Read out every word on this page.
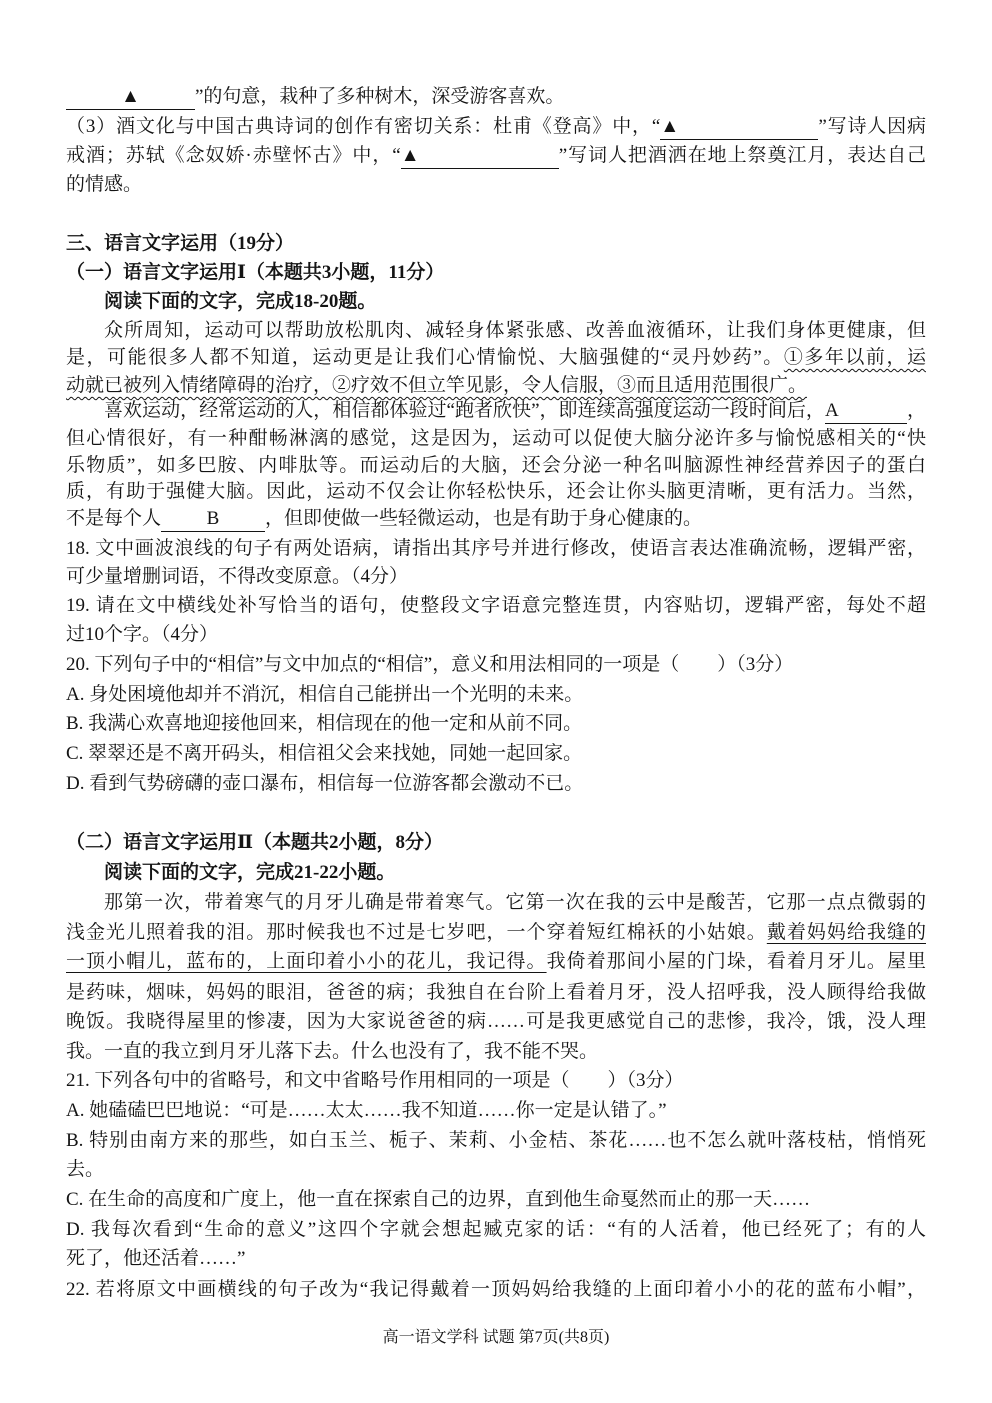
▲	”的句意，栽种了多种树木，深受游客喜欢。
（3）酒文化与中国古典诗词的创作有密切关系：杜甫《登高》中，“▲	”写诗人因病
戒酒；苏轼《念奴娇·赤壁怀古》中，“▲	”写词人把酒洒在地上祭奠江月，表达自己
的情感。
三、语言文字运用（19分）
（一）语言文字运用Ⅰ（本题共3小题，11分）
阅读下面的文字，完成18-20题。
众所周知，运动可以帮助放松肌肉、减轻身体紧张感、改善血液循环，让我们身体更健康，但
是，可能很多人都不知道，运动更是让我们心情愉悦、大脑强健的“灵丹妙药”。①多年以前，运
动就已被列入情绪障碍的治疗，②疗效不但立竿见影，令人信服，③而且适用范围很广。
喜欢运动，经常运动的人，相信都体验过“跑者欣快”，即连续高强度运动一段时间后，A	，
但心情很好，有一种酣畅淋漓的感觉，这是因为，运动可以促使大脑分泌许多与愉悦感相关的“快
乐物质”，如多巴胺、内啡肽等。而运动后的大脑，还会分泌一种名叫脑源性神经营养因子的蛋白
质，有助于强健大脑。因此，运动不仅会让你轻松快乐，还会让你头脑更清晰，更有活力。当然，
不是每个人 B ，但即使做一些轻微运动，也是有助于身心健康的。
18. 文中画波浪线的句子有两处语病，请指出其序号并进行修改，使语言表达准确流畅，逻辑严密，
可少量增删词语，不得改变原意。（4分）
19. 请在文中横线处补写恰当的语句，使整段文字语意完整连贯，内容贴切，逻辑严密，每处不超
过10个字。（4分）
20. 下列句子中的“相信”与文中加点的“相信”，意义和用法相同的一项是（　　）（3分）
A. 身处困境他却并不消沉，相信自己能拼出一个光明的未来。
B. 我满心欢喜地迎接他回来，相信现在的他一定和从前不同。
C. 翠翠还是不离开码头，相信祖父会来找她，同她一起回家。
D. 看到气势磅礴的壶口瀑布，相信每一位游客都会激动不已。
（二）语言文字运用Ⅱ（本题共2小题，8分）
阅读下面的文字，完成21-22小题。
那第一次，带着寒气的月牙儿确是带着寒气。它第一次在我的云中是酸苦，它那一点点微弱的
浅金光儿照着我的泪。那时候我也不过是七岁吧，一个穿着短红棉袄的小姑娘。戴着妈妈给我缝的
一顶小帽儿，蓝布的，上面印着小小的花儿，我记得。我倚着那间小屋的门垛，看着月牙儿。屋里
是药味，烟味，妈妈的眼泪，爸爸的病；我独自在台阶上看着月牙，没人招呼我，没人顾得给我做
晚饭。我晓得屋里的惨凄，因为大家说爸爸的病……可是我更感觉自己的悲惨，我冷，饿，没人理
我。一直的我立到月牙儿落下去。什么也没有了，我不能不哭。
21. 下列各句中的省略号，和文中省略号作用相同的一项是（　　）（3分）
A. 她磕磕巴巴地说：“可是……太太……我不知道……你一定是认错了。”
B. 特别由南方来的那些，如白玉兰、栀子、茉莉、小金桔、茶花……也不怎么就叶落枝枯，悄悄死
去。
C. 在生命的高度和广度上，他一直在探索自己的边界，直到他生命戛然而止的那一天……
D. 我每次看到“生命的意义”这四个字就会想起臧克家的话：“有的人活着，他已经死了；有的人
死了，他还活着……”
22. 若将原文中画横线的句子改为“我记得戴着一顶妈妈给我缝的上面印着小小的花的蓝布小帽”，
高一语文学科 试题 第7页(共8页)
